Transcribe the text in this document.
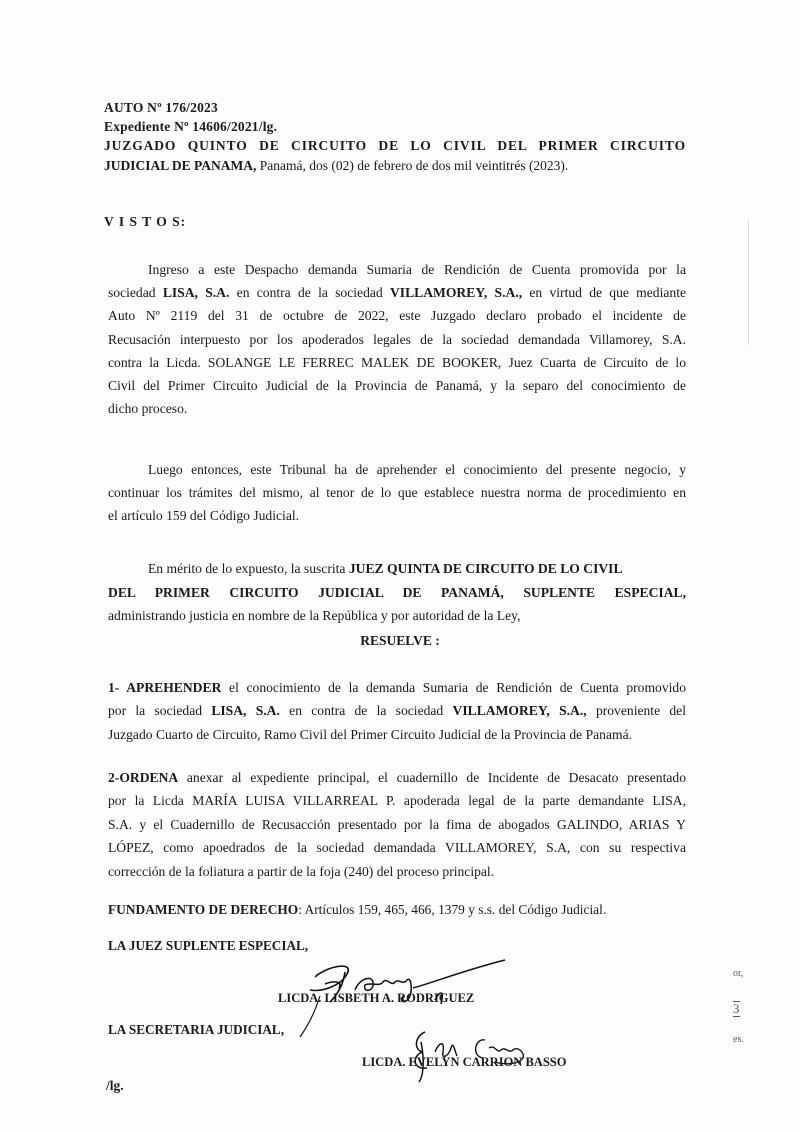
AUTO Nº 176/2023
Expediente Nº 14606/2021/lg.
JUZGADO QUINTO DE CIRCUITO DE LO CIVIL DEL PRIMER CIRCUITO
JUDICIAL DE PANAMA, Panamá, dos (02) de febrero de dos mil veintitrés (2023).
V I S T O S:
Ingreso a este Despacho demanda Sumaria de Rendición de Cuenta promovida por la
sociedad LISA, S.A. en contra de la sociedad VILLAMOREY, S.A., en virtud de que mediante
Auto Nº 2119 del 31 de octubre de 2022, este Juzgado declaro probado el incidente de
Recusación interpuesto por los apoderados legales de la sociedad demandada Villamorey, S.A.
contra la Licda. SOLANGE LE FERREC MALEK DE BOOKER, Juez Cuarta de Circuito de lo
Civil del Primer Circuito Judicial de la Provincia de Panamá, y la separo del conocimiento de
dicho proceso.
Luego entonces, este Tribunal ha de aprehender el conocimiento del presente negocio, y
continuar los trámites del mismo, al tenor de lo que establece nuestra norma de procedimiento en
el artículo 159 del Código Judicial.
En mérito de lo expuesto, la suscrita JUEZ QUINTA DE CIRCUITO DE LO CIVIL
DEL PRIMER CIRCUITO JUDICIAL DE PANAMÁ, SUPLENTE ESPECIAL,
administrando justicia en nombre de la República y por autoridad de la Ley,
RESUELVE :
1- APREHENDER el conocimiento de la demanda Sumaria de Rendición de Cuenta promovido
por la sociedad LISA, S.A. en contra de la sociedad VILLAMOREY, S.A., proveniente del
Juzgado Cuarto de Circuito, Ramo Civil del Primer Circuito Judicial de la Provincia de Panamá.
2-ORDENA anexar al expediente principal, el cuadernillo de Incidente de Desacato presentado
por la Licda MARÍA LUISA VILLARREAL P. apoderada legal de la parte demandante LISA,
S.A. y el Cuadernillo de Recusacción presentado por la fima de abogados GALINDO, ARIAS Y
LÓPEZ, como apoedrados de la sociedad demandada VILLAMOREY, S.A, con su respectiva
corrección de la foliatura a partir de la foja (240) del proceso principal.
FUNDAMENTO DE DERECHO: Artículos 159, 465, 466, 1379 y s.s. del Código Judicial.
LA JUEZ SUPLENTE ESPECIAL,
LICDA. LISBETH A. RODRIGUEZ
LA SECRETARIA JUDICIAL,
LICDA. EVELYN CARRION BASSO
/lg.
or,
3
es.
